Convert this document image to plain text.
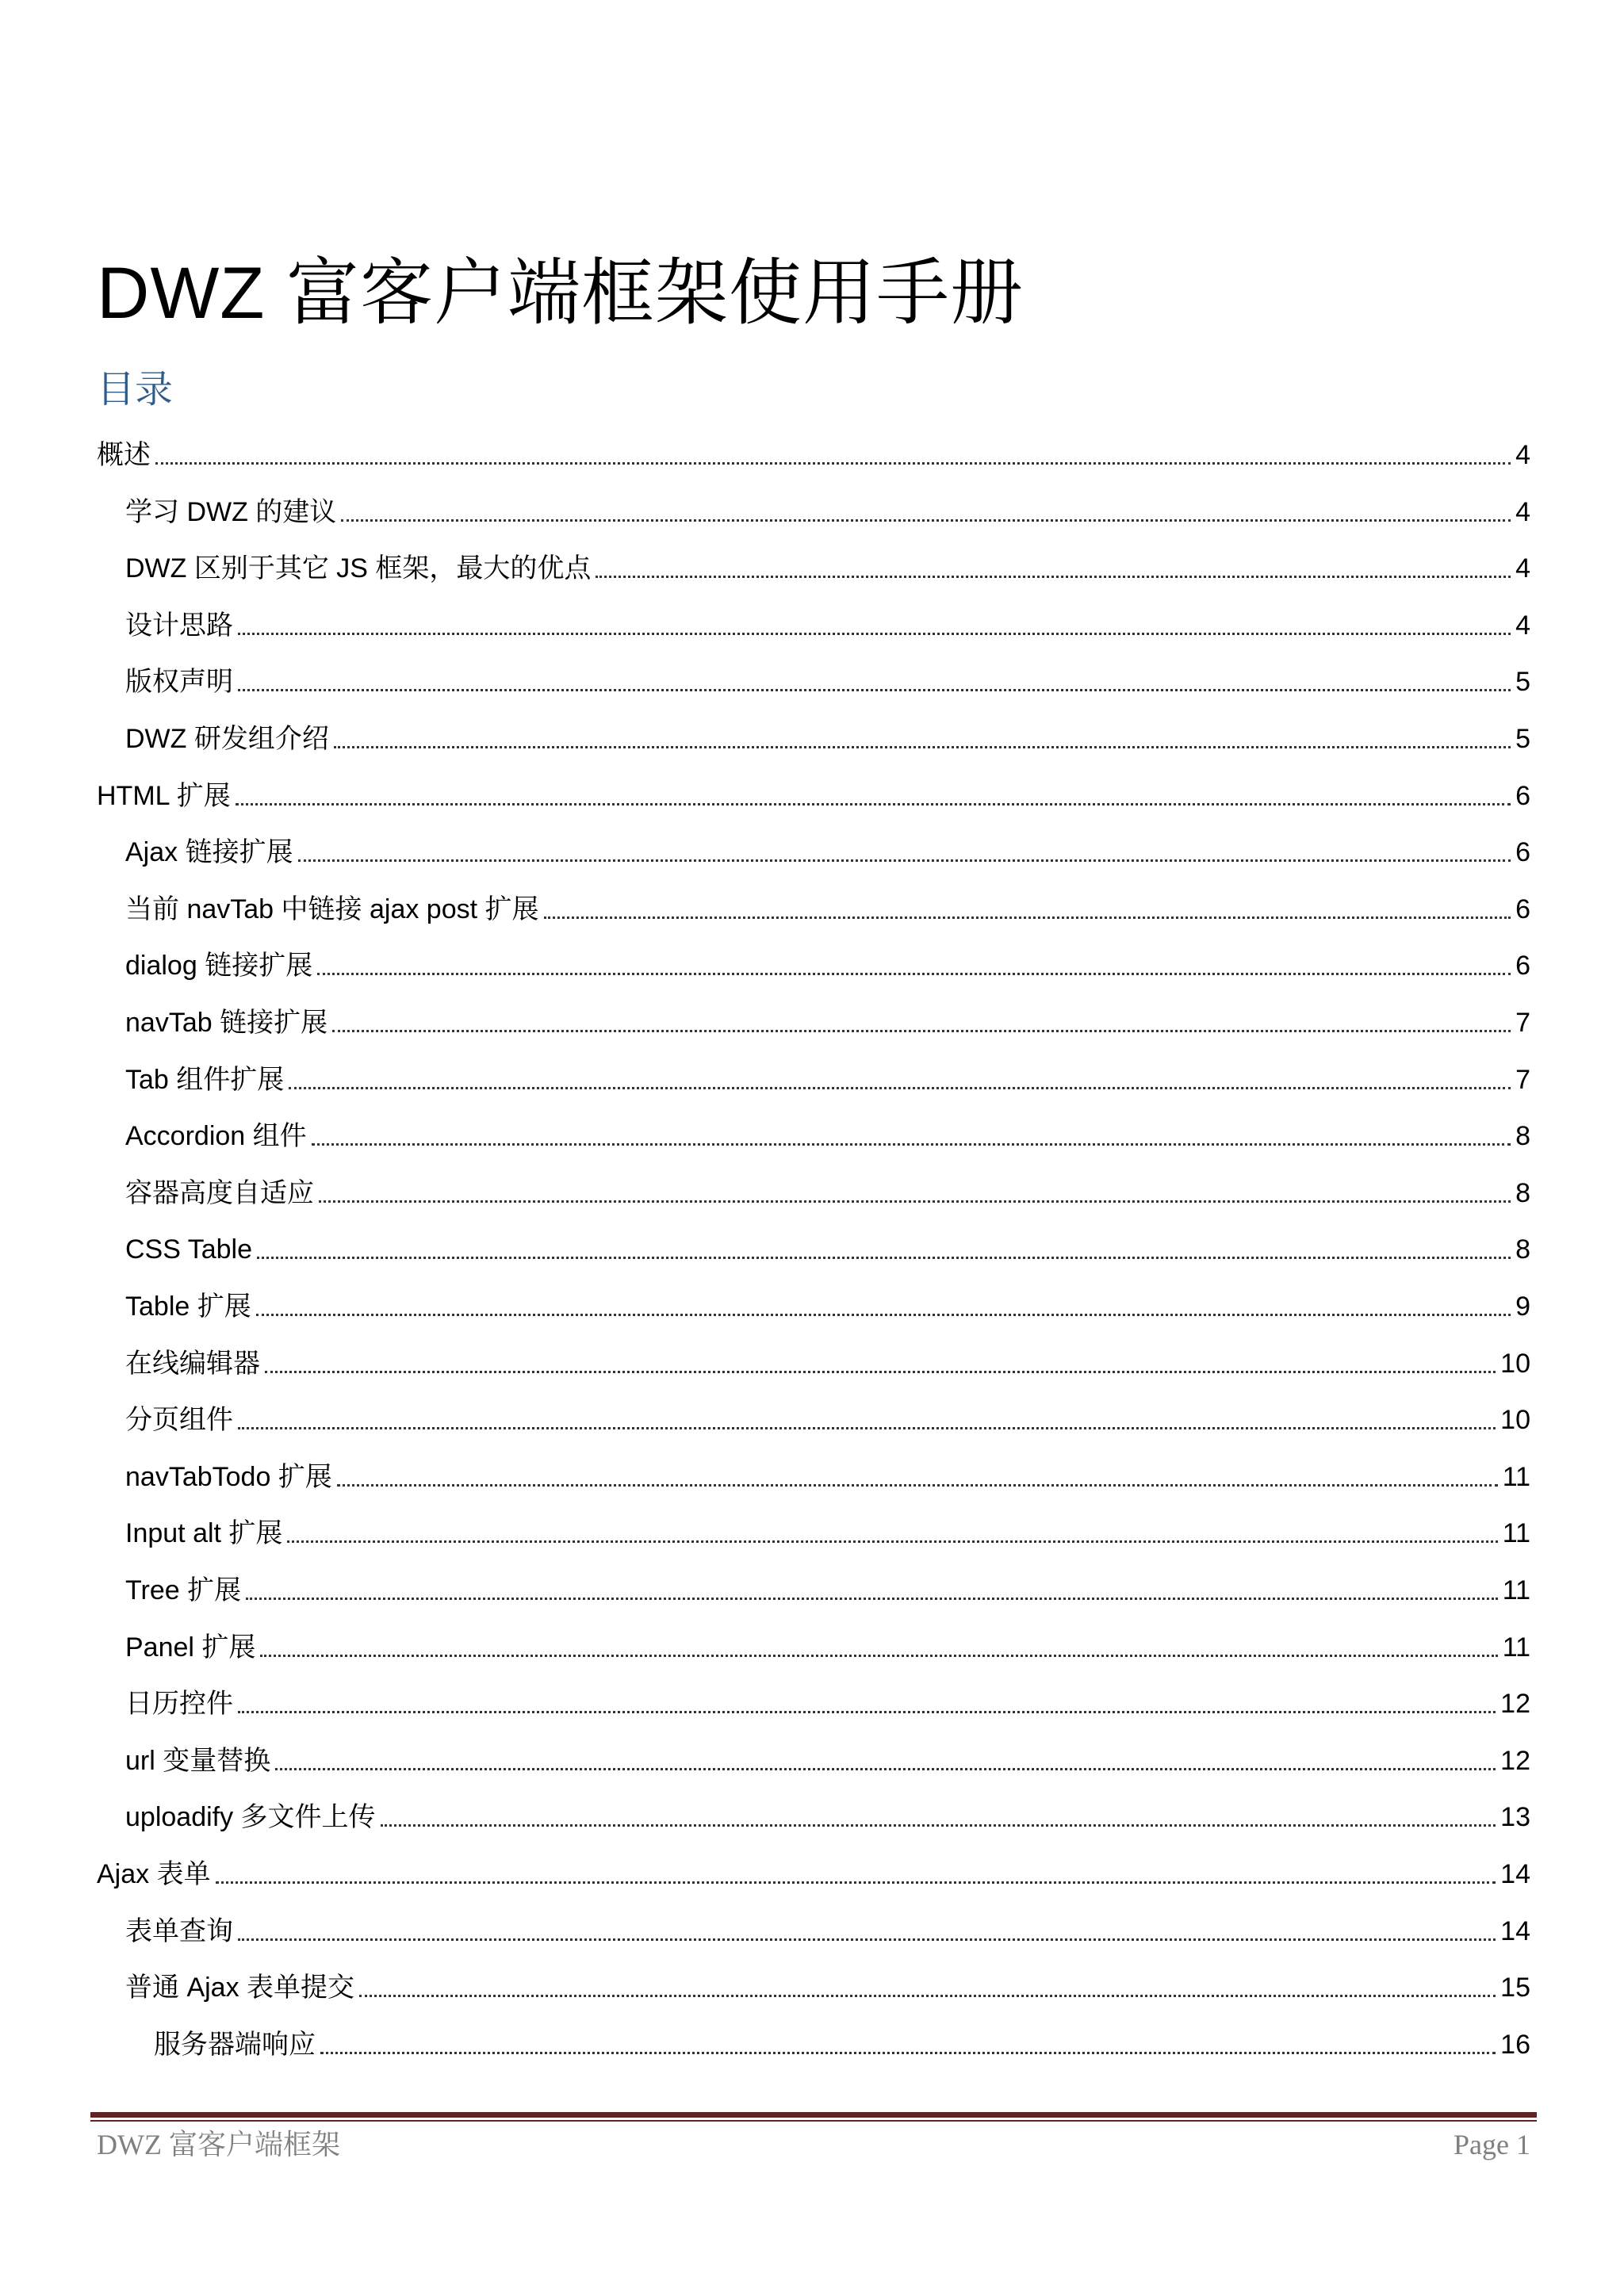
DWZ 富客户端框架使用手册
目录
概述	4
学习 DWZ 的建议	4
DWZ 区别于其它 JS 框架，最大的优点	4
设计思路	4
版权声明	5
DWZ 研发组介绍	5
HTML 扩展	6
Ajax 链接扩展	6
当前 navTab 中链接 ajax post 扩展	6
dialog 链接扩展	6
navTab 链接扩展	7
Tab 组件扩展	7
Accordion 组件	8
容器高度自适应	8
CSS Table	8
Table 扩展	9
在线编辑器	10
分页组件	10
navTabTodo 扩展	11
Input alt 扩展	11
Tree 扩展	11
Panel 扩展	11
日历控件	12
url 变量替换	12
uploadify 多文件上传	13
Ajax 表单	14
表单查询	14
普通 Ajax 表单提交	15
服务器端响应	16
DWZ 富客户端框架	Page 1
